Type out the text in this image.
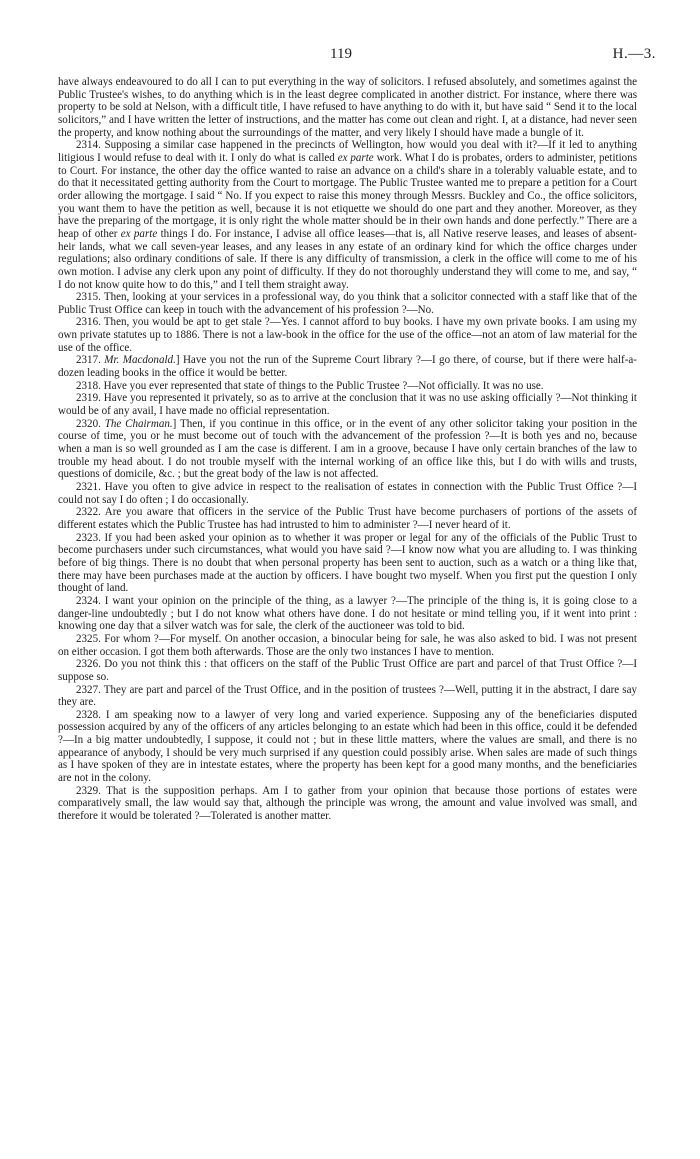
119	H.—3.

have always endeavoured to do all I can to put everything in the way of solicitors. I refused absolutely, and sometimes against the Public Trustee's wishes, to do anything which is in the least degree complicated in another district. For instance, where there was property to be sold at Nelson, with a difficult title, I have refused to have anything to do with it, but have said “ Send it to the local solicitors,” and I have written the letter of instructions, and the matter has come out clean and right. I, at a distance, had never seen the property, and know nothing about the surroundings of the matter, and very likely I should have made a bungle of it.

2314. Supposing a similar case happened in the precincts of Wellington, how would you deal with it?—If it led to anything litigious I would refuse to deal with it. I only do what is called ex parte work. What I do is probates, orders to administer, petitions to Court. For instance, the other day the office wanted to raise an advance on a child's share in a tolerably valuable estate, and to do that it necessitated getting authority from the Court to mortgage. The Public Trustee wanted me to prepare a petition for a Court order allowing the mortgage. I said “ No. If you expect to raise this money through Messrs. Buckley and Co., the office solicitors, you want them to have the petition as well, because it is not etiquette we should do one part and they another. Moreover, as they have the preparing of the mortgage, it is only right the whole matter should be in their own hands and done perfectly.” There are a heap of other ex parte things I do. For instance, I advise all office leases—that is, all Native reserve leases, and leases of absent-heir lands, what we call seven-year leases, and any leases in any estate of an ordinary kind for which the office charges under regulations; also ordinary conditions of sale. If there is any difficulty of transmission, a clerk in the office will come to me of his own motion. I advise any clerk upon any point of difficulty. If they do not thoroughly understand they will come to me, and say, “ I do not know quite how to do this,” and I tell them straight away.

2315. Then, looking at your services in a professional way, do you think that a solicitor connected with a staff like that of the Public Trust Office can keep in touch with the advancement of his profession ?—No.

2316. Then, you would be apt to get stale ?—Yes. I cannot afford to buy books. I have my own private books. I am using my own private statutes up to 1886. There is not a law-book in the office for the use of the office—not an atom of law material for the use of the office.

2317. Mr. Macdonald.] Have you not the run of the Supreme Court library ?—I go there, of course, but if there were half-a-dozen leading books in the office it would be better.

2318. Have you ever represented that state of things to the Public Trustee ?—Not officially. It was no use.

2319. Have you represented it privately, so as to arrive at the conclusion that it was no use asking officially ?—Not thinking it would be of any avail, I have made no official representation.

2320. The Chairman.] Then, if you continue in this office, or in the event of any other solicitor taking your position in the course of time, you or he must become out of touch with the advancement of the profession ?—It is both yes and no, because when a man is so well grounded as I am the case is different. I am in a groove, because I have only certain branches of the law to trouble my head about. I do not trouble myself with the internal working of an office like this, but I do with wills and trusts, questions of domicile, &c. ; but the great body of the law is not affected.

2321. Have you often to give advice in respect to the realisation of estates in connection with the Public Trust Office ?—I could not say I do often ; I do occasionally.

2322. Are you aware that officers in the service of the Public Trust have become purchasers of portions of the assets of different estates which the Public Trustee has had intrusted to him to administer ?—I never heard of it.

2323. If you had been asked your opinion as to whether it was proper or legal for any of the officials of the Public Trust to become purchasers under such circumstances, what would you have said ?—I know now what you are alluding to. I was thinking before of big things. There is no doubt that when personal property has been sent to auction, such as a watch or a thing like that, there may have been purchases made at the auction by officers. I have bought two myself. When you first put the question I only thought of land.

2324. I want your opinion on the principle of the thing, as a lawyer ?—The principle of the thing is, it is going close to a danger-line undoubtedly ; but I do not know what others have done. I do not hesitate or mind telling you, if it went into print : knowing one day that a silver watch was for sale, the clerk of the auctioneer was told to bid.

2325. For whom ?—For myself. On another occasion, a binocular being for sale, he was also asked to bid. I was not present on either occasion. I got them both afterwards. Those are the only two instances I have to mention.

2326. Do you not think this : that officers on the staff of the Public Trust Office are part and parcel of that Trust Office ?—I suppose so.

2327. They are part and parcel of the Trust Office, and in the position of trustees ?—Well, putting it in the abstract, I dare say they are.

2328. I am speaking now to a lawyer of very long and varied experience. Supposing any of the beneficiaries disputed possession acquired by any of the officers of any articles belonging to an estate which had been in this office, could it be defended ?—In a big matter undoubtedly, I suppose, it could not ; but in these little matters, where the values are small, and there is no appearance of anybody, I should be very much surprised if any question could possibly arise. When sales are made of such things as I have spoken of they are in intestate estates, where the property has been kept for a good many months, and the beneficiaries are not in the colony.

2329. That is the supposition perhaps. Am I to gather from your opinion that because those portions of estates were comparatively small, the law would say that, although the principle was wrong, the amount and value involved was small, and therefore it would be tolerated ?—Tolerated is another matter.
